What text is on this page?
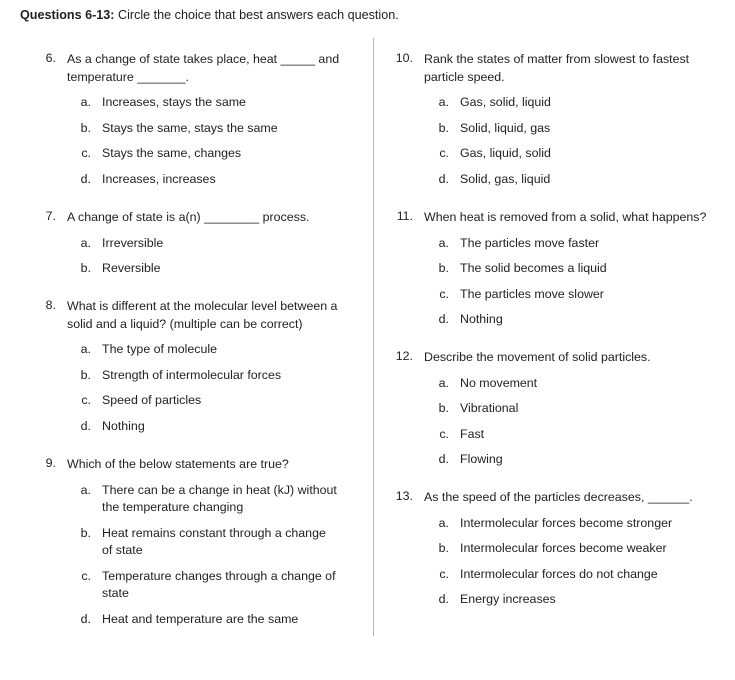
Questions 6-13: Circle the choice that best answers each question.
6. As a change of state takes place, heat _____ and
temperature _______.
a. Increases, stays the same
b. Stays the same, stays the same
c. Stays the same, changes
d. Increases, increases
7. A change of state is a(n) ________ process.
a. Irreversible
b. Reversible
8. What is different at the molecular level between a
solid and a liquid? (multiple can be correct)
a. The type of molecule
b. Strength of intermolecular forces
c. Speed of particles
d. Nothing
9. Which of the below statements are true?
a. There can be a change in heat (kJ) without
the temperature changing
b. Heat remains constant through a change
of state
c. Temperature changes through a change of
state
d. Heat and temperature are the same
10. Rank the states of matter from slowest to fastest
particle speed.
a. Gas, solid, liquid
b. Solid, liquid, gas
c. Gas, liquid, solid
d. Solid, gas, liquid
11. When heat is removed from a solid, what happens?
a. The particles move faster
b. The solid becomes a liquid
c. The particles move slower
d. Nothing
12. Describe the movement of solid particles.
a. No movement
b. Vibrational
c. Fast
d. Flowing
13. As the speed of the particles decreases, ______.
a. Intermolecular forces become stronger
b. Intermolecular forces become weaker
c. Intermolecular forces do not change
d. Energy increases
